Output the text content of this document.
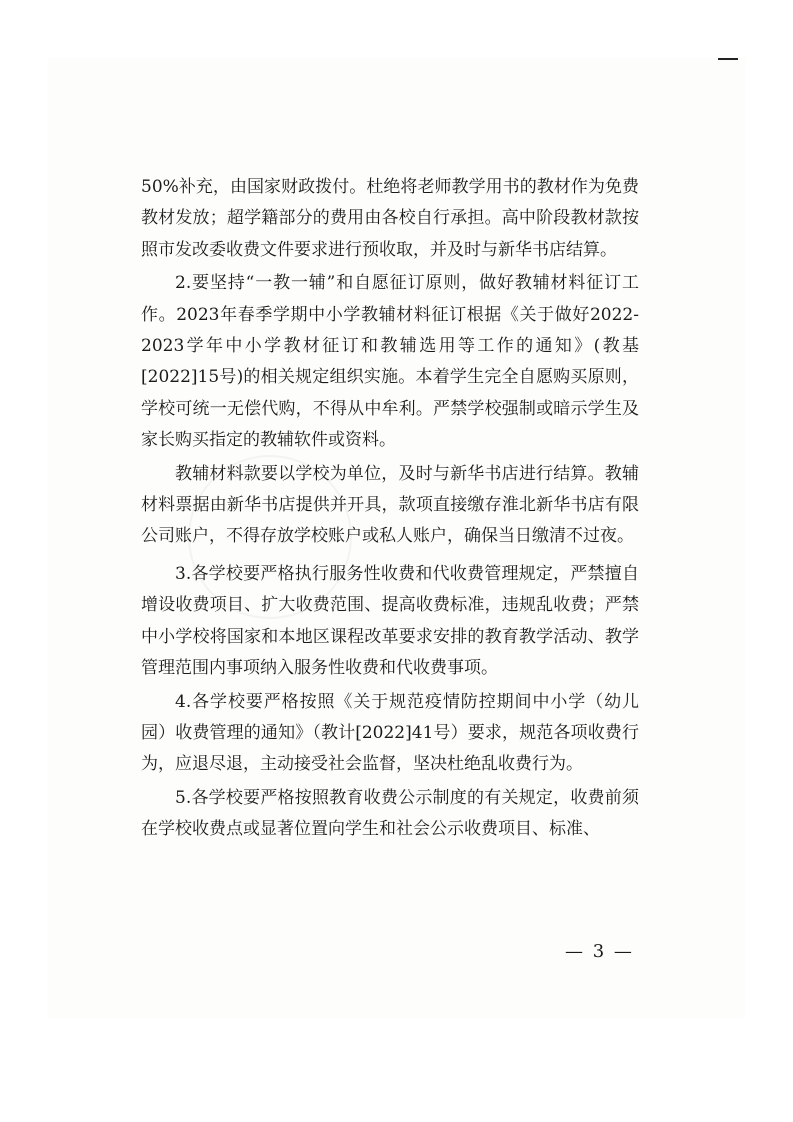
50%补充，由国家财政拨付。杜绝将老师教学用书的教材作为免费教材发放；超学籍部分的费用由各校自行承担。高中阶段教材款按照市发改委收费文件要求进行预收取，并及时与新华书店结算。

2.要坚持“一教一辅”和自愿征订原则，做好教辅材料征订工作。2023年春季学期中小学教辅材料征订根据《关于做好2022-2023学年中小学教材征订和教辅选用等工作的通知》(教基[2022]15号)的相关规定组织实施。本着学生完全自愿购买原则，学校可统一无偿代购，不得从中牟利。严禁学校强制或暗示学生及家长购买指定的教辅软件或资料。

教辅材料款要以学校为单位，及时与新华书店进行结算。教辅材料票据由新华书店提供并开具，款项直接缴存淮北新华书店有限公司账户，不得存放学校账户或私人账户，确保当日缴清不过夜。

3.各学校要严格执行服务性收费和代收费管理规定，严禁擅自增设收费项目、扩大收费范围、提高收费标准，违规乱收费；严禁中小学校将国家和本地区课程改革要求安排的教育教学活动、教学管理范围内事项纳入服务性收费和代收费事项。

4.各学校要严格按照《关于规范疫情防控期间中小学（幼儿园）收费管理的通知》（教计[2022]41号）要求，规范各项收费行为，应退尽退，主动接受社会监督，坚决杜绝乱收费行为。

5.各学校要严格按照教育收费公示制度的有关规定，收费前须在学校收费点或显著位置向学生和社会公示收费项目、标准、

— 3 —
